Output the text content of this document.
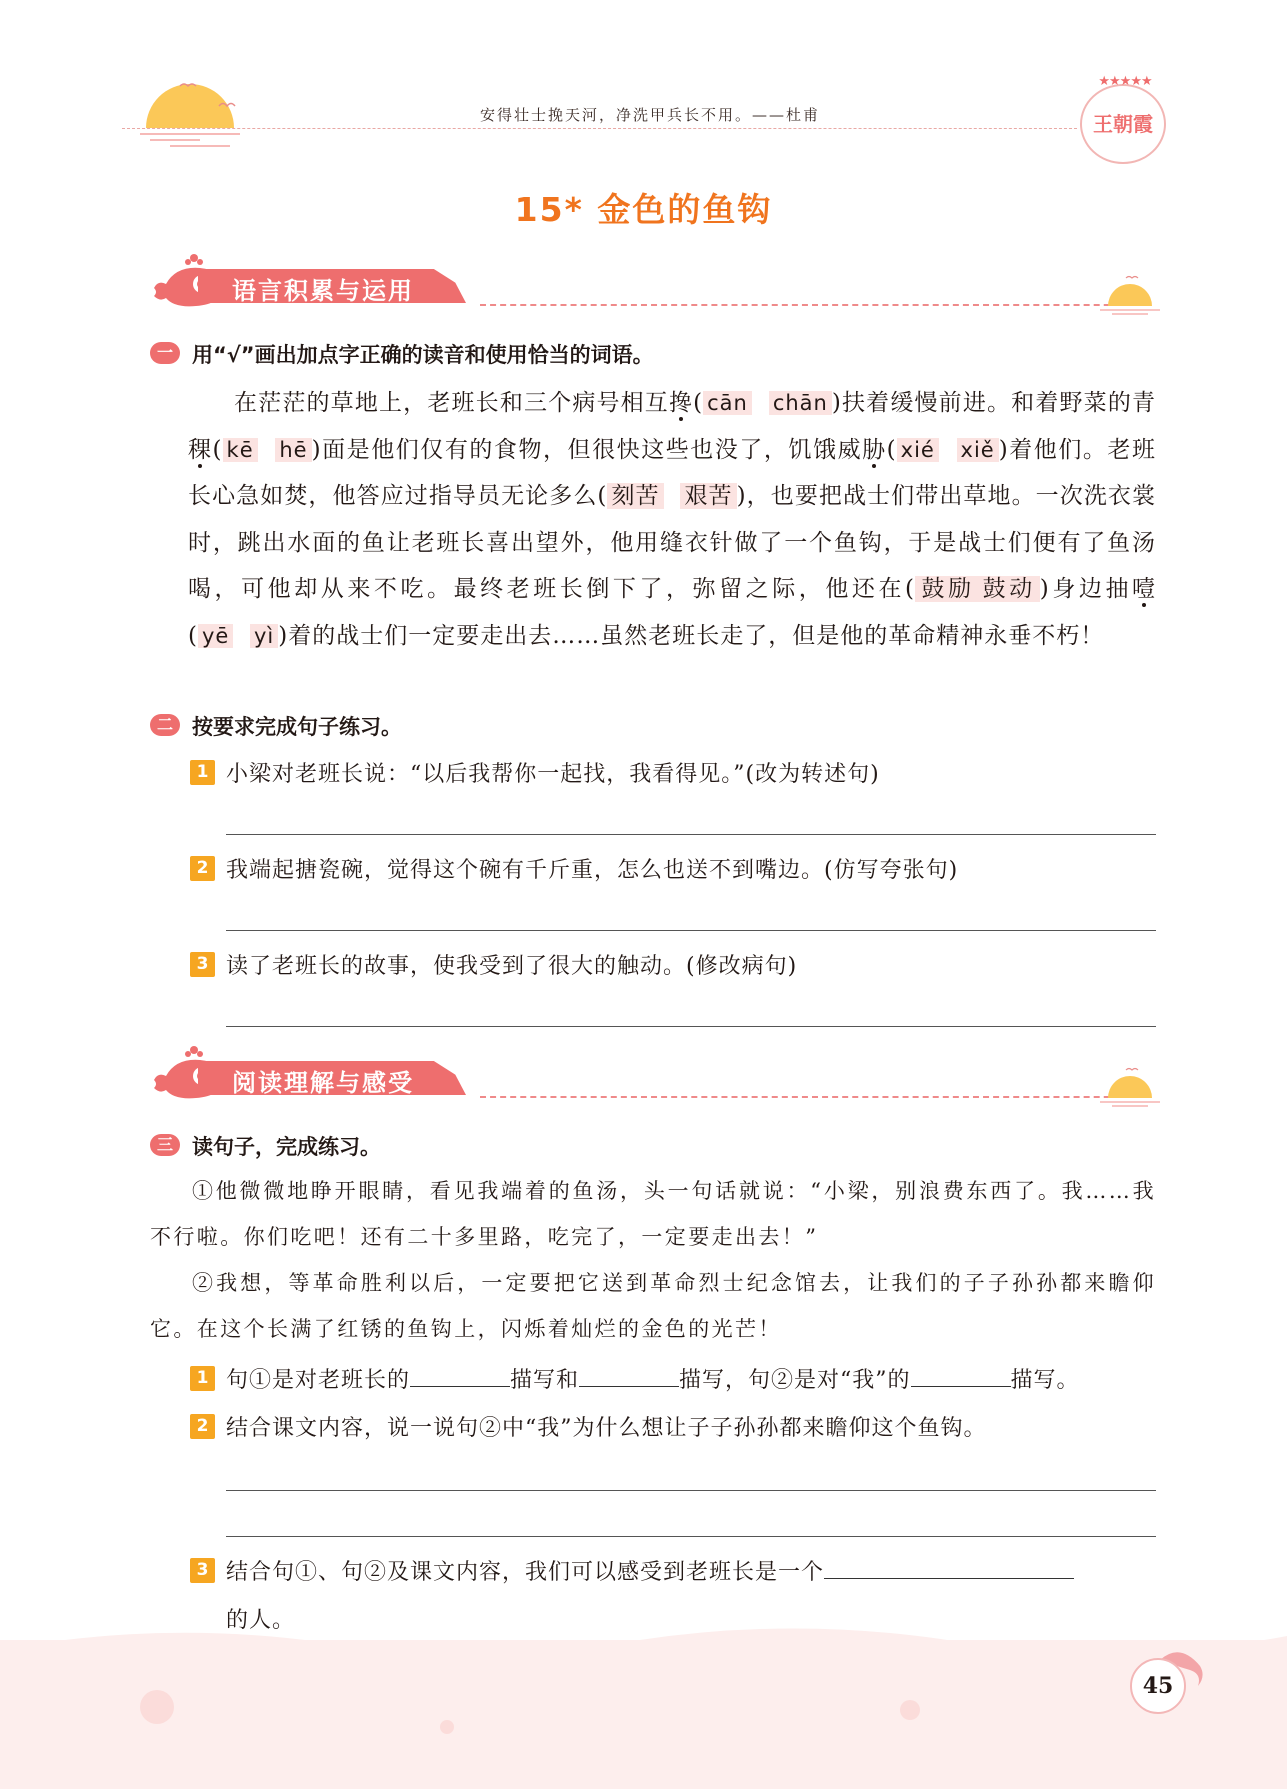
安得壮士挽天河，净洗甲兵长不用。——杜甫
★★★★★
王朝霞
15* 金色的鱼钩
语言积累与运用
一 用“√”画出加点字正确的读音和使用恰当的词语。

在茫茫的草地上，老班长和三个病号相互搀( cān chān )扶着缓慢前进。和着野菜的青稞( kē hē )面是他们仅有的食物，但很快这些也没了，饥饿威胁( xié xiě )着他们。老班长心急如焚，他答应过指导员无论多么( 刻苦 艰苦 )，也要把战士们带出草地。一次洗衣裳时，跳出水面的鱼让老班长喜出望外，他用缝衣针做了一个鱼钩，于是战士们便有了鱼汤喝，可他却从来不吃。最终老班长倒下了，弥留之际，他还在( 鼓励 鼓动 )身边抽噎( yē yì )着的战士们一定要走出去……虽然老班长走了，但是他的革命精神永垂不朽！

二 按要求完成句子练习。
1 小梁对老班长说：“以后我帮你一起找，我看得见。”(改为转述句)
2 我端起搪瓷碗，觉得这个碗有千斤重，怎么也送不到嘴边。(仿写夸张句)
3 读了老班长的故事，使我受到了很大的触动。(修改病句)
阅读理解与感受
三 读句子，完成练习。

①他微微地睁开眼睛，看见我端着的鱼汤，头一句话就说：“小梁，别浪费东西了。我……我不行啦。你们吃吧！还有二十多里路，吃完了，一定要走出去！”

②我想，等革命胜利以后，一定要把它送到革命烈士纪念馆去，让我们的子子孙孙都来瞻仰它。在这个长满了红锈的鱼钩上，闪烁着灿烂的金色的光芒！

1 句①是对老班长的	描写和	描写，句②是对“我”的	描写。
2 结合课文内容，说一说句②中“我”为什么想让子子孙孙都来瞻仰这个鱼钩。
3 结合句①、句②及课文内容，我们可以感受到老班长是一个
的人。
45
